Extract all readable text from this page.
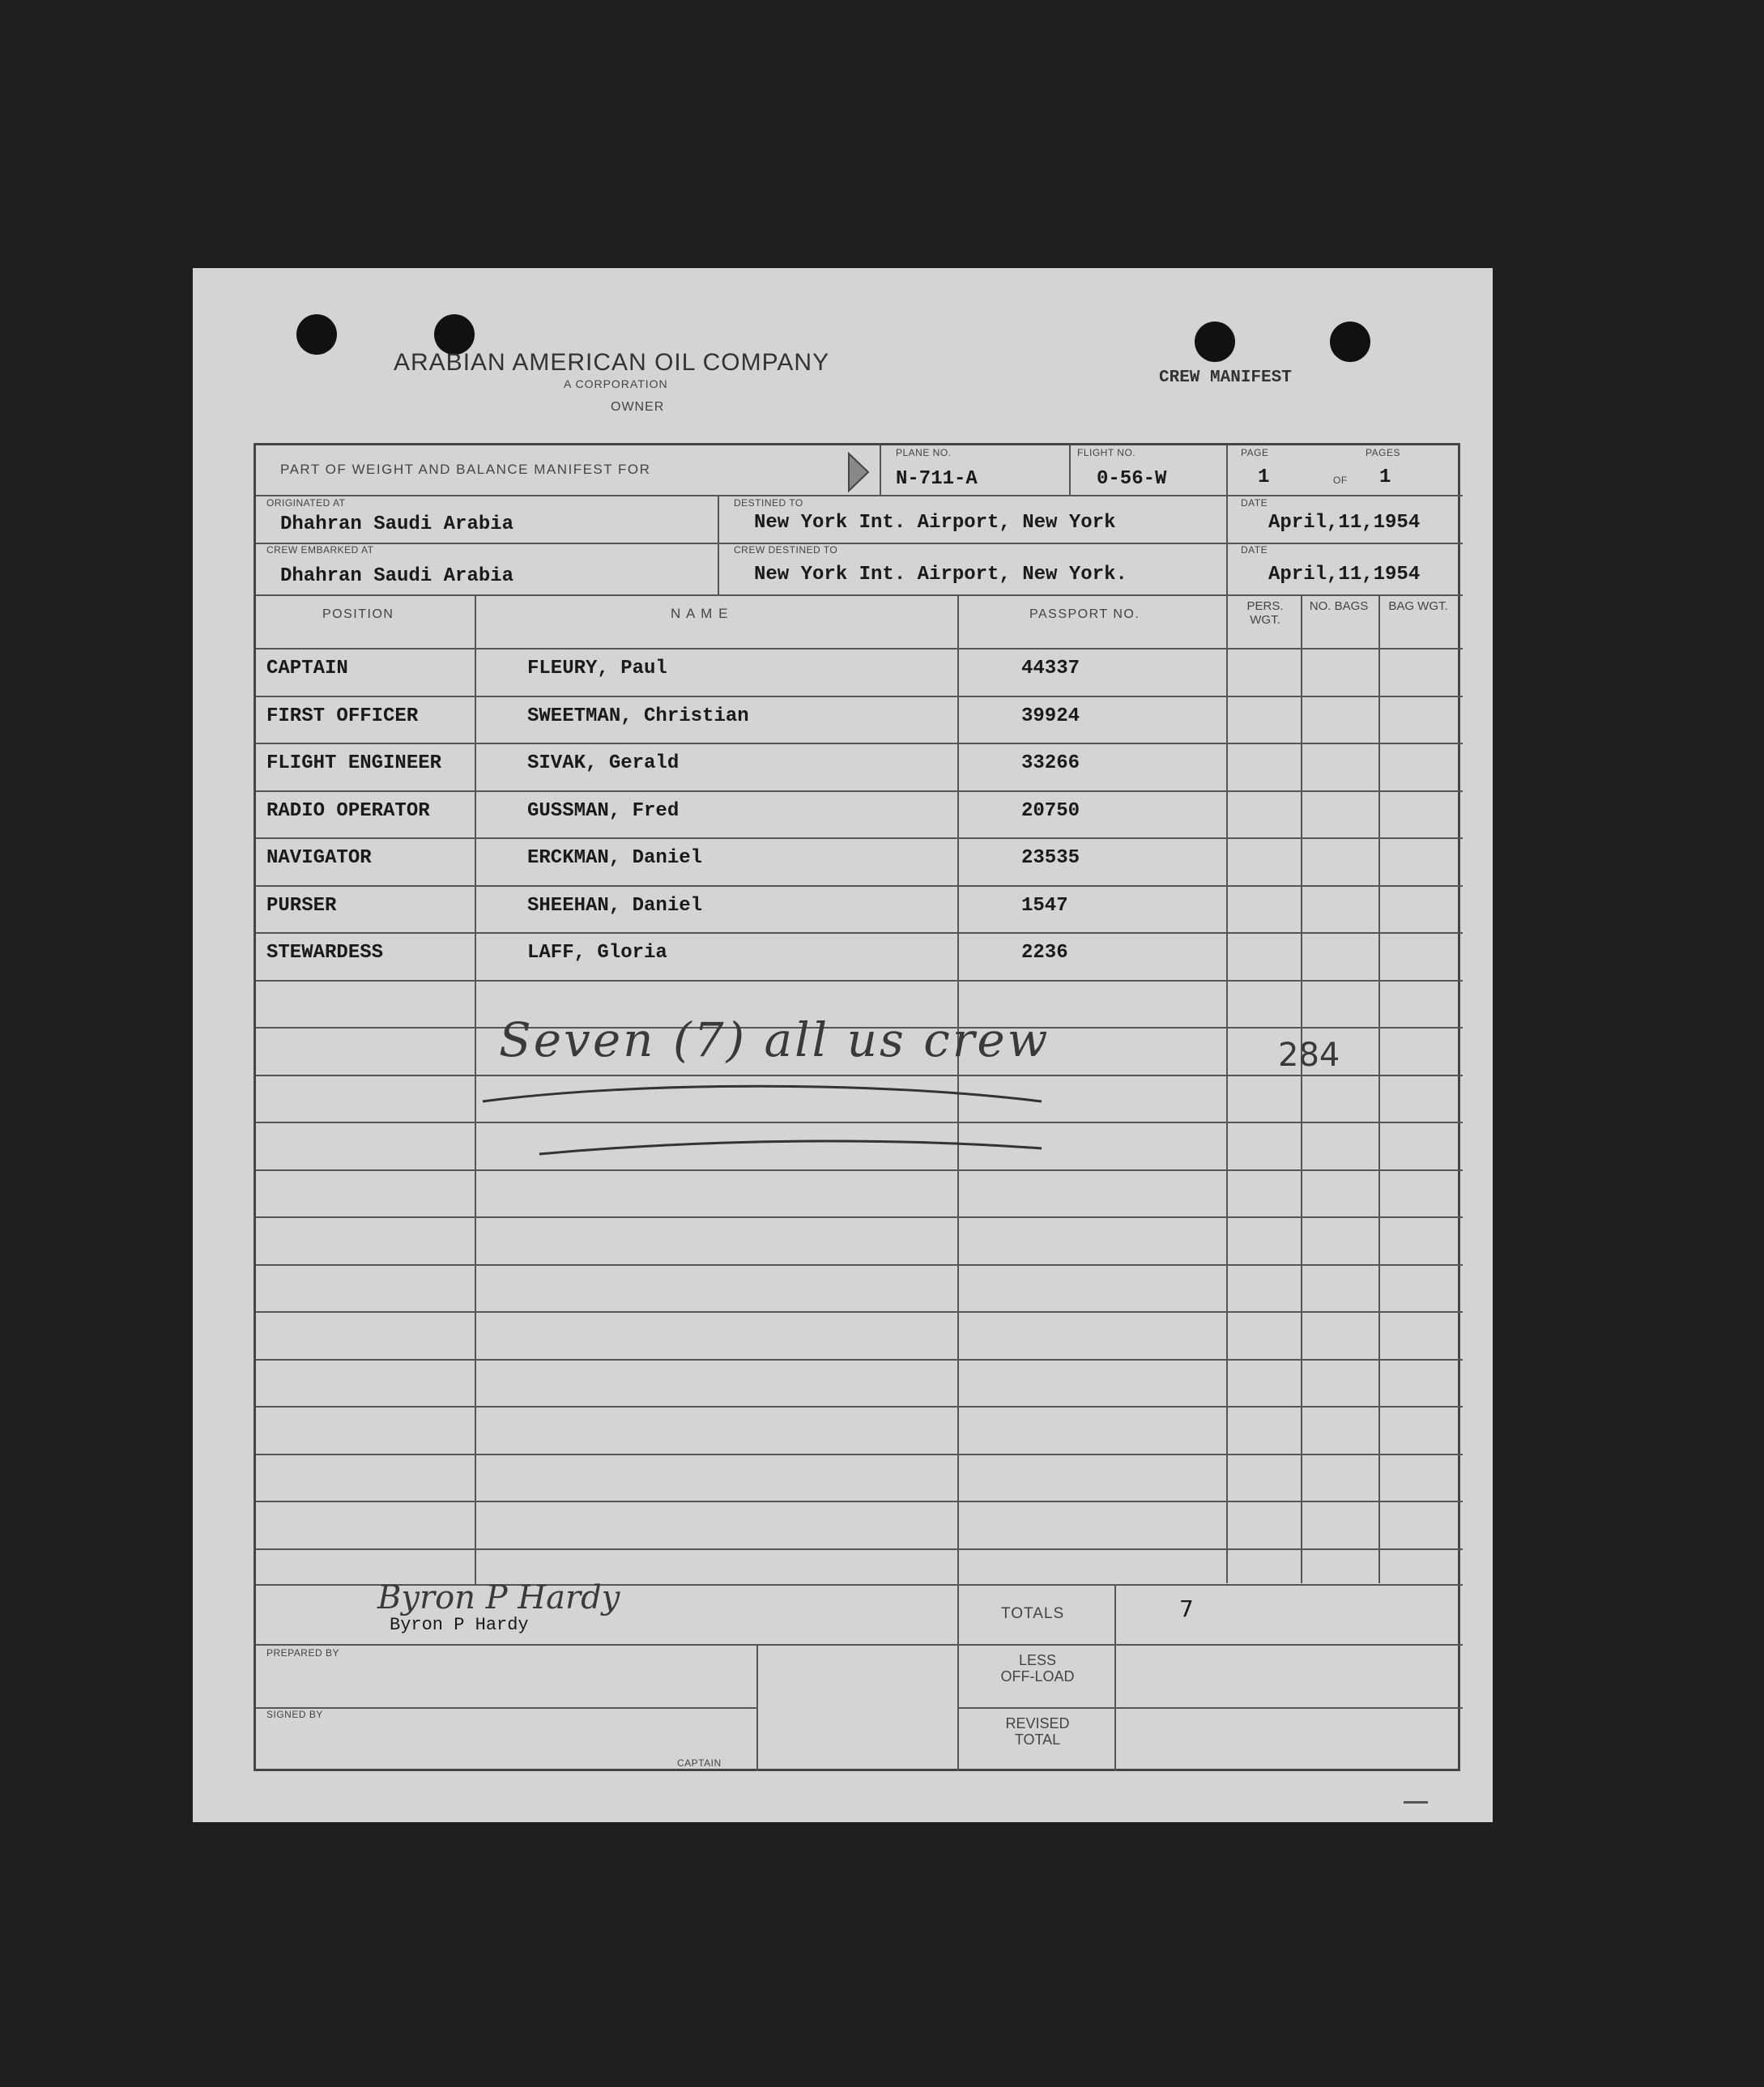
ARABIAN AMERICAN OIL COMPANY
A CORPORATION
OWNER
CREW MANIFEST
PART OF WEIGHT AND BALANCE MANIFEST FOR
PLANE NO.
N-711-A
FLIGHT NO.
0-56-W
PAGE	PAGES
1	OF 1
ORIGINATED AT
Dhahran Saudi Arabia
DESTINED TO
New York Int. Airport, New York
DATE
April,11,1954
CREW EMBARKED AT
Dhahran Saudi Arabia
CREW DESTINED TO
New York Int. Airport, New York.
DATE
April,11,1954
POSITION	N A M E	PASSPORT NO.
PERS. WGT.
NO. BAGS BAG WGT.
CAPTAIN	FLEURY, Paul	44337
FIRST OFFICER	SWEETMAN, Christian	39924
FLIGHT ENGINEER	SIVAK, Gerald	33266
RADIO OPERATOR	GUSSMAN, Fred	20750
NAVIGATOR	ERCKMAN, Daniel	23535
PURSER	SHEEHAN, Daniel	1547
STEWARDESS	LAFF, Gloria	2236
Seven (7) all us crew	284
Byron P Hardy
Byron P Hardy
PREPARED BY
SIGNED BY
CAPTAIN
TOTALS	7
LESS
OFF-LOAD
REVISED
TOTAL
▬▬▬
